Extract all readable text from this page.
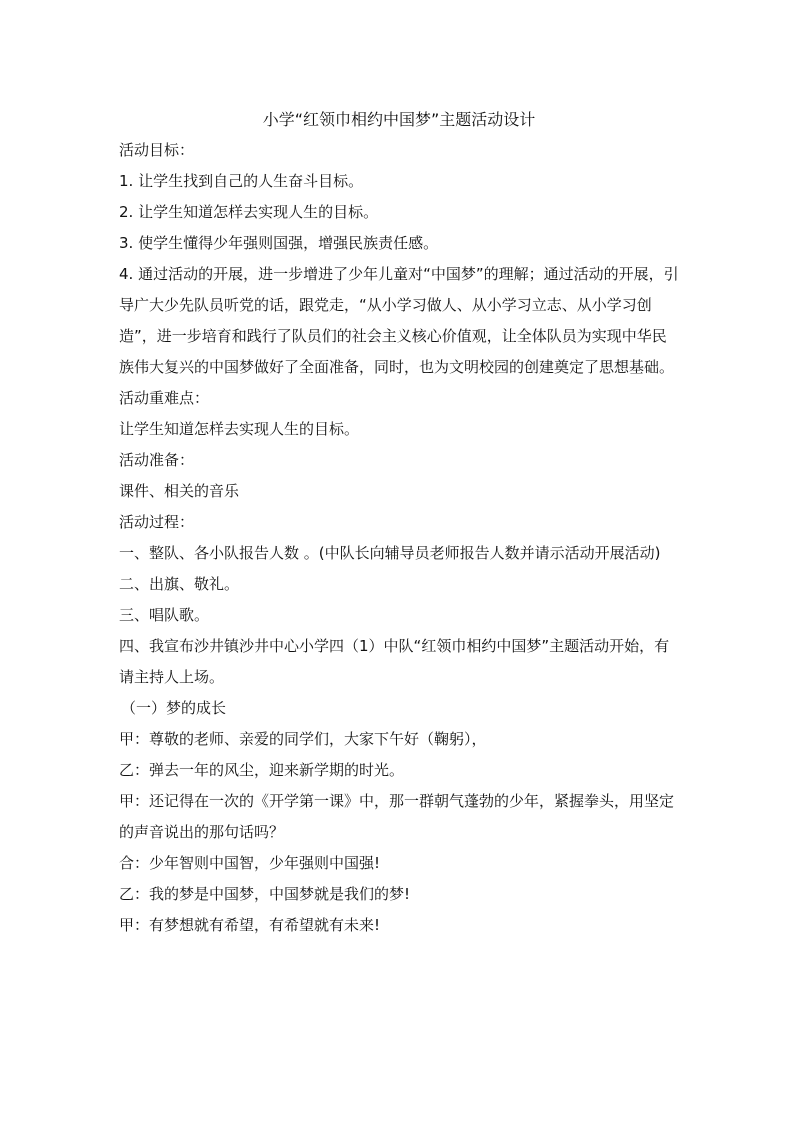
小学“红领巾相约中国梦”主题活动设计

活动目标：

1. 让学生找到自己的人生奋斗目标。

2. 让学生知道怎样去实现人生的目标。

3. 使学生懂得少年强则国强，增强民族责任感。

4. 通过活动的开展，进一步增进了少年儿童对“中国梦”的理解；通过活动的开展，引导广大少先队员听党的话，跟党走，“从小学习做人、从小学习立志、从小学习创造”，进一步培育和践行了队员们的社会主义核心价值观，让全体队员为实现中华民族伟大复兴的中国梦做好了全面准备，同时，也为文明校园的创建奠定了思想基础。

活动重难点：

让学生知道怎样去实现人生的目标。

活动准备：

课件、相关的音乐

活动过程：

一、整队、各小队报告人数 。(中队长向辅导员老师报告人数并请示活动开展活动)

二、出旗、敬礼。

三、唱队歌。

四、我宣布沙井镇沙井中心小学四（1）中队“红领巾相约中国梦”主题活动开始，有请主持人上场。

（一）梦的成长

甲：尊敬的老师、亲爱的同学们，大家下午好（鞠躬），

乙：弹去一年的风尘，迎来新学期的时光。

甲：还记得在一次的《开学第一课》中，那一群朝气蓬勃的少年，紧握拳头，用坚定的声音说出的那句话吗？

合：少年智则中国智，少年强则中国强!

乙：我的梦是中国梦，中国梦就是我们的梦!

甲：有梦想就有希望，有希望就有未来!
